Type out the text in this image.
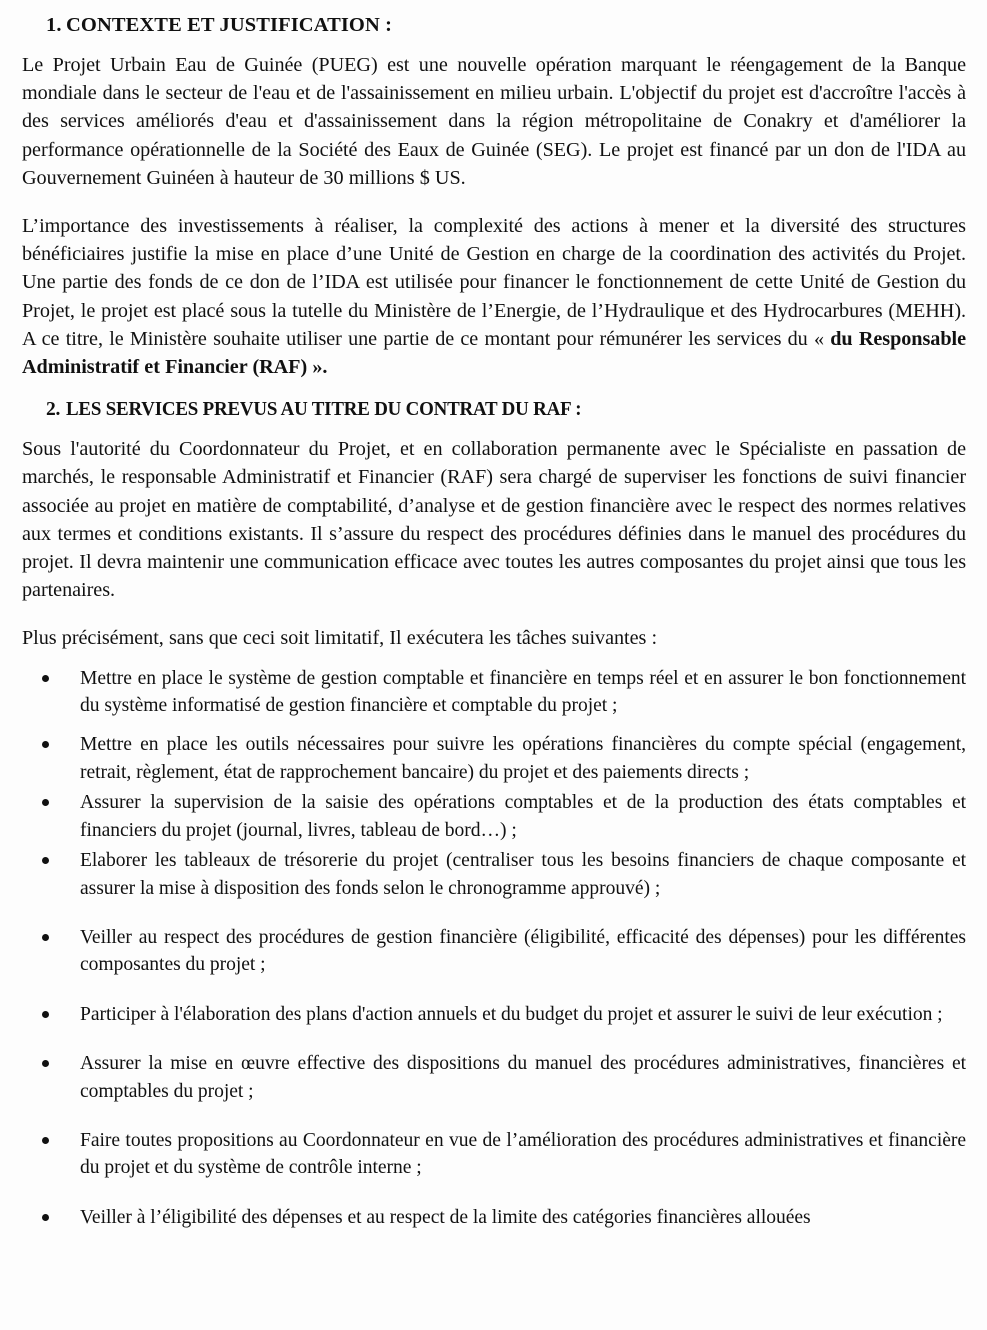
1. CONTEXTE ET JUSTIFICATION :

Le Projet Urbain Eau de Guinée (PUEG) est une nouvelle opération marquant le réengagement de la Banque mondiale dans le secteur de l'eau et de l'assainissement en milieu urbain. L'objectif du projet est d'accroître l'accès à des services améliorés d'eau et d'assainissement dans la région métropolitaine de Conakry et d'améliorer la performance opérationnelle de la Société des Eaux de Guinée (SEG). Le projet est financé par un don de l'IDA au Gouvernement Guinéen à hauteur de 30 millions $ US.

L’importance des investissements à réaliser, la complexité des actions à mener et la diversité des structures bénéficiaires justifie la mise en place d’une Unité de Gestion en charge de la coordination des activités du Projet. Une partie des fonds de ce don de l’IDA est utilisée pour financer le fonctionnement de cette Unité de Gestion du Projet, le projet est placé sous la tutelle du Ministère de l’Energie, de l’Hydraulique et des Hydrocarbures (MEHH). A ce titre, le Ministère souhaite utiliser une partie de ce montant pour rémunérer les services du « du Responsable Administratif et Financier (RAF) ».

2. LES SERVICES PREVUS AU TITRE DU CONTRAT DU RAF :

Sous l'autorité du Coordonnateur du Projet, et en collaboration permanente avec le Spécialiste en passation de marchés, le responsable Administratif et Financier (RAF) sera chargé de superviser les fonctions de suivi financier associée au projet en matière de comptabilité, d’analyse et de gestion financière avec le respect des normes relatives aux termes et conditions existants. Il s’assure du respect des procédures définies dans le manuel des procédures du projet. Il devra maintenir une communication efficace avec toutes les autres composantes du projet ainsi que tous les partenaires.

Plus précisément, sans que ceci soit limitatif, Il exécutera les tâches suivantes :

Mettre en place le système de gestion comptable et financière en temps réel et en assurer le bon fonctionnement du système informatisé de gestion financière et comptable du projet ;
Mettre en place les outils nécessaires pour suivre les opérations financières du compte spécial (engagement, retrait, règlement, état de rapprochement bancaire) du projet et des paiements directs ;
Assurer la supervision de la saisie des opérations comptables et de la production des états comptables et financiers du projet (journal, livres, tableau de bord…) ;
Elaborer les tableaux de trésorerie du projet (centraliser tous les besoins financiers de chaque composante et assurer la mise à disposition des fonds selon le chronogramme approuvé) ;
Veiller au respect des procédures de gestion financière (éligibilité, efficacité des dépenses) pour les différentes composantes du projet ;
Participer à l'élaboration des plans d'action annuels et du budget du projet et assurer le suivi de leur exécution ;
Assurer la mise en œuvre effective des dispositions du manuel des procédures administratives, financières et comptables du projet ;
Faire toutes propositions au Coordonnateur en vue de l’amélioration des procédures administratives et financière du projet et du système de contrôle interne ;
Veiller à l’éligibilité des dépenses et au respect de la limite des catégories financières allouées
